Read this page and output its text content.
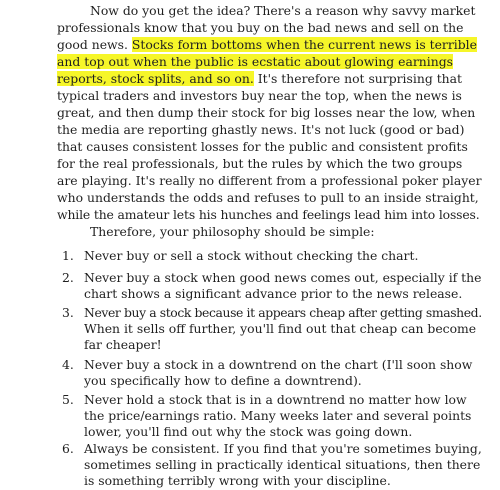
Now do you get the idea? There's a reason why savvy market
professionals know that you buy on the bad news and sell on the
good news. Stocks form bottoms when the current news is terrible
and top out when the public is ecstatic about glowing earnings
reports, stock splits, and so on. It's therefore not surprising that
typical traders and investors buy near the top, when the news is
great, and then dump their stock for big losses near the low, when
the media are reporting ghastly news. It's not luck (good or bad)
that causes consistent losses for the public and consistent profits
for the real professionals, but the rules by which the two groups
are playing. It's really no different from a professional poker player
who understands the odds and refuses to pull to an inside straight,
while the amateur lets his hunches and feelings lead him into losses.
Therefore, your philosophy should be simple:
1. Never buy or sell a stock without checking the chart.
2. Never buy a stock when good news comes out, especially if the
chart shows a significant advance prior to the news release.
3. Never buy a stock because it appears cheap after getting smashed.
When it sells off further, you'll find out that cheap can become
far cheaper!
4. Never buy a stock in a downtrend on the chart (I'll soon show
you specifically how to define a downtrend).
5. Never hold a stock that is in a downtrend no matter how low
the price/earnings ratio. Many weeks later and several points
lower, you'll find out why the stock was going down.
6. Always be consistent. If you find that you're sometimes buying,
sometimes selling in practically identical situations, then there
is something terribly wrong with your discipline.
